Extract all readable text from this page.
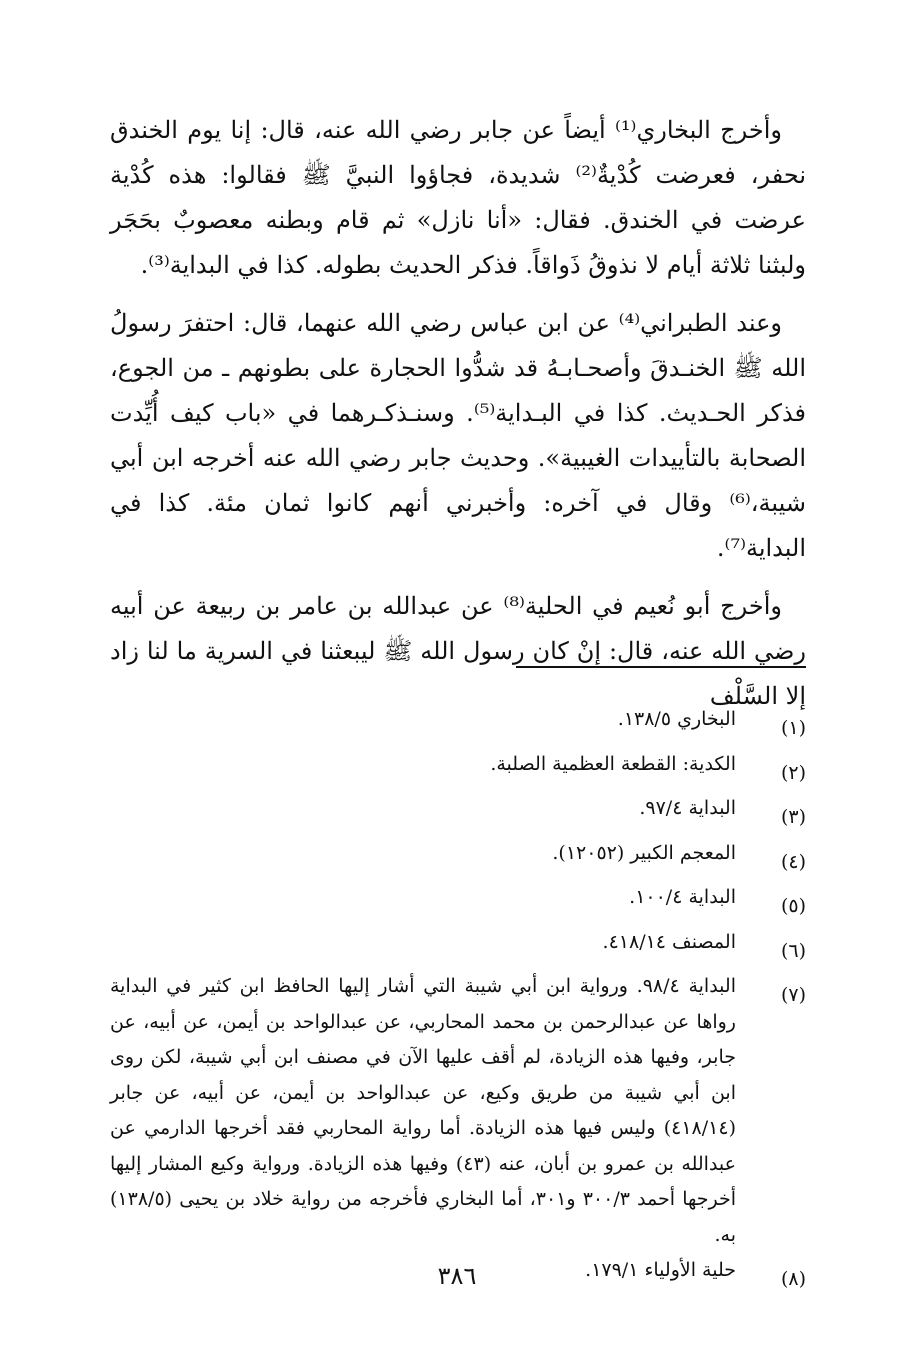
وأخرج البخاري⁽¹⁾ أيضاً عن جابر رضي الله عنه، قال: إنا يوم الخندق نحفر، فعرضت كُدْيةٌ⁽²⁾ شديدة، فجاؤوا النبيَّ ﷺ فقالوا: هذه كُدْية عرضت في الخندق. فقال: «أنا نازل» ثم قام وبطنه معصوبٌ بحَجَر ولبثنا ثلاثة أيام لا نذوقُ ذَواقاً. فذكر الحديث بطوله. كذا في البداية⁽³⁾.

وعند الطبراني⁽⁴⁾ عن ابن عباس رضي الله عنهما، قال: احتفرَ رسولُ الله ﷺ الخنـدقَ وأصحـابـهُ قد شدُّوا الحجارة على بطونهم ـ من الجوع، فذكر الحـديث. كذا في البـداية⁽⁵⁾. وسنـذكـرهما في «باب كيف أُيِّدت الصحابة بالتأييدات الغيبية». وحديث جابر رضي الله عنه أخرجه ابن أبي شيبة،⁽⁶⁾ وقال في آخره: وأخبرني أنهم كانوا ثمان مئة. كذا في البداية⁽⁷⁾.

وأخرج أبو نُعيم في الحلية⁽⁸⁾ عن عبدالله بن عامر بن ربيعة عن أبيه رضي الله عنه، قال: إنْ كان رسول الله ﷺ ليبعثنا في السرية ما لنا زاد إلا السَّلْف

(١)
البخاري ١٣٨/٥.
(٢)
الكدية: القطعة العظمية الصلبة.
(٣)
البداية ٩٧/٤.
(٤)
المعجم الكبير (١٢٠٥٢).
(٥)
البداية ١٠٠/٤.
(٦)
المصنف ٤١٨/١٤.
(٧)
البداية ٩٨/٤. ورواية ابن أبي شيبة التي أشار إليها الحافظ ابن كثير في البداية رواها عن عبدالرحمن بن محمد المحاربي، عن عبدالواحد بن أيمن، عن أبيه، عن جابر، وفيها هذه الزيادة، لم أقف عليها الآن في مصنف ابن أبي شيبة، لكن روى ابن أبي شيبة من طريق وكيع، عن عبدالواحد بن أيمن، عن أبيه، عن جابر (٤١٨/١٤) وليس فيها هذه الزيادة. أما رواية المحاربي فقد أخرجها الدارمي عن عبدالله بن عمرو بن أبان، عنه (٤٣) وفيها هذه الزيادة. ورواية وكيع المشار إليها أخرجها أحمد ٣٠٠/٣ و٣٠١، أما البخاري فأخرجه من رواية خلاد بن يحيى (١٣٨/٥) به.
(٨)
حلية الأولياء ١٧٩/١.
٣٨٦
